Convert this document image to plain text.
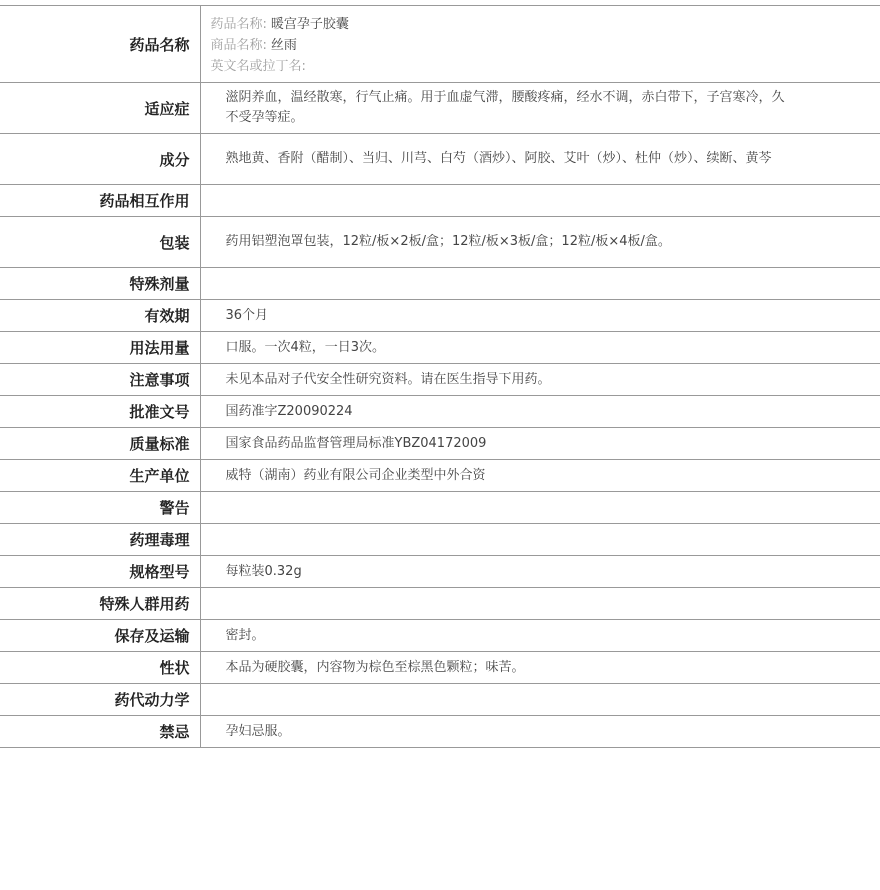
药品名称	药品名称: 暖宫孕子胶囊
商品名称: 丝雨
英文名或拉丁名:

适应症	滋阴养血，温经散寒，行气止痛。用于血虚气滞，腰酸疼痛，经水不调，赤白带下，子宫寒冷，久不受孕等症。
成分	熟地黄、香附（醋制）、当归、川芎、白芍（酒炒）、阿胶、艾叶（炒）、杜仲（炒）、续断、黄芩
药品相互作用	
包装	药用铝塑泡罩包装，12粒/板×2板/盒；12粒/板×3板/盒；12粒/板×4板/盒。
特殊剂量	
有效期	36个月
用法用量	口服。一次4粒，一日3次。
注意事项	未见本品对子代安全性研究资料。请在医生指导下用药。
批准文号	国药准字Z20090224
质量标准	国家食品药品监督管理局标准YBZ04172009
生产单位	威特（湖南）药业有限公司企业类型中外合资
警告	
药理毒理	
规格型号	每粒装0.32g
特殊人群用药	
保存及运输	密封。
性状	本品为硬胶囊，内容物为棕色至棕黑色颗粒；味苦。
药代动力学	
禁忌	孕妇忌服。
